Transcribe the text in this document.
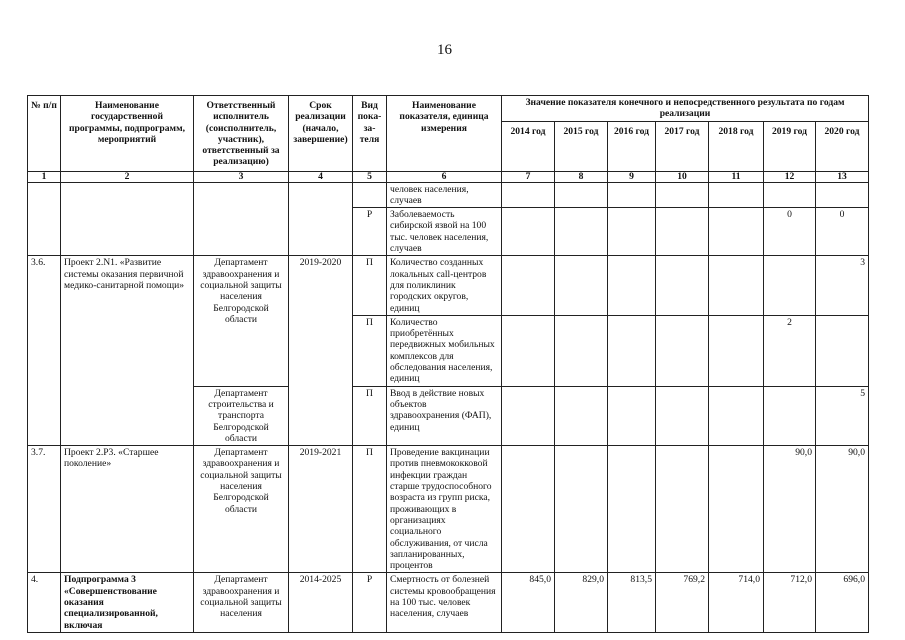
16
№ п/п	Наименование государственной программы, подпрограмм, мероприятий	Ответственный исполнитель (соисполнитель, участник), ответственный за реализацию)	Срок реализации (начало, завершение)	Вид пока-за-теля	Наименование показателя, единица измерения	Значение показателя конечного и непосредственного результата по годам реализации						
						2014 год	2015 год	2016 год	2017 год	2018 год	2019 год	2020 год
1	2	3	4	5	6	7	8	9	10	11	12	13
					человек населения, случаев							
				Р	Заболеваемость сибирской язвой на 100 тыс. человек населения, случаев						0	0
3.6.	Проект 2.N1. «Развитие системы оказания первичной медико-санитарной помощи»	Департамент здравоохранения и социальной защиты населения Белгородской области	2019-2020	П	Количество созданных локальных call-центров для поликлиник городских округов, единиц							3
				П	Количество приобретённых передвижных мобильных комплексов для обследования населения, единиц						2	
		Департамент строительства и транспорта Белгородской области		П	Ввод в действие новых объектов здравоохранения (ФАП), единиц							5
3.7.	Проект 2.Р3. «Старшее поколение»	Департамент здравоохранения и социальной защиты населения Белгородской области	2019-2021	П	Проведение вакцинации против пневмококковой инфекции граждан старше трудоспособного возраста из групп риска, проживающих в организациях социального обслуживания, от числа запланированных, процентов						90,0	90,0
4.	Подпрограмма 3 «Совершенствование оказания специализированной, включая	Департамент здравоохранения и социальной защиты населения	2014-2025	Р	Смертность от болезней системы кровообращения на 100 тыс. человек населения, случаев	845,0	829,0	813,5	769,2	714,0	712,0	696,0
